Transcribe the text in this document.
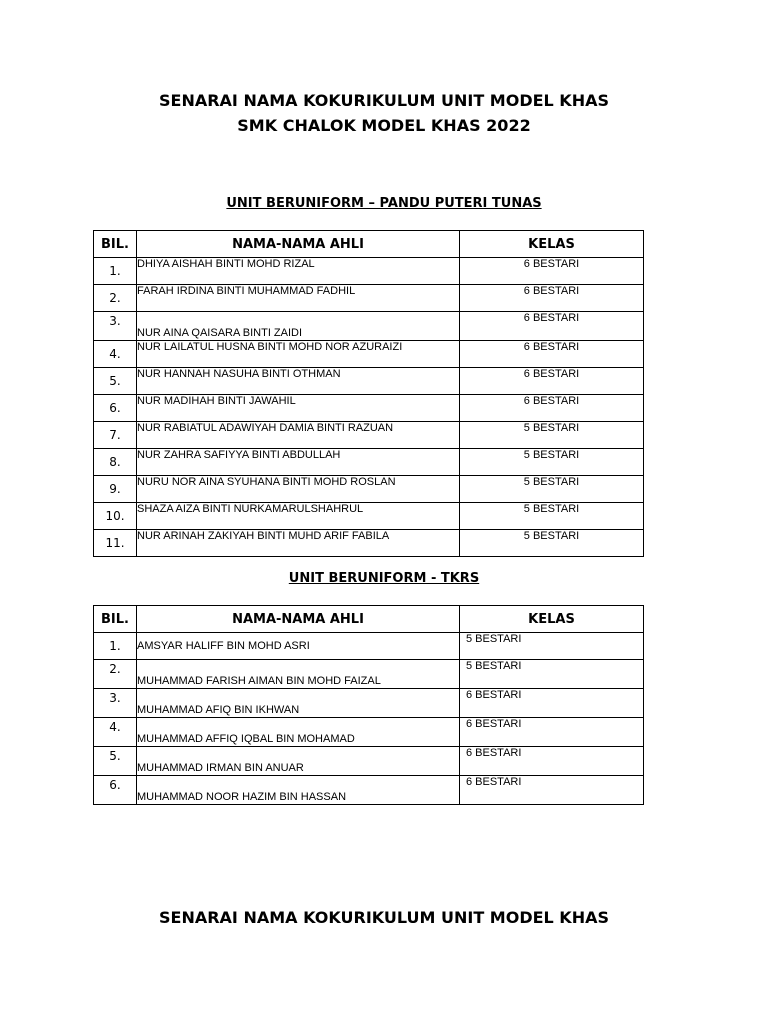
SENARAI NAMA KOKURIKULUM UNIT MODEL KHAS
SMK CHALOK MODEL KHAS 2022
UNIT BERUNIFORM – PANDU PUTERI TUNAS
BIL.	NAMA-NAMA AHLI	KELAS
1.	DHIYA AISHAH BINTI MOHD RIZAL	6 BESTARI
2.	FARAH IRDINA BINTI MUHAMMAD FADHIL	6 BESTARI
3.	NUR AINA QAISARA BINTI ZAIDI	6 BESTARI
4.	NUR LAILATUL HUSNA BINTI MOHD NOR AZURAIZI	6 BESTARI
5.	NUR HANNAH NASUHA BINTI OTHMAN	6 BESTARI
6.	NUR MADIHAH BINTI JAWAHIL	6 BESTARI
7.	NUR RABIATUL ADAWIYAH DAMIA BINTI RAZUAN	5 BESTARI
8.	NUR ZAHRA SAFIYYA BINTI ABDULLAH	5 BESTARI
9.	NURU NOR AINA SYUHANA BINTI MOHD ROSLAN	5 BESTARI
10.	SHAZA AIZA BINTI NURKAMARULSHAHRUL	5 BESTARI
11.	NUR ARINAH ZAKIYAH BINTI MUHD ARIF FABILA	5 BESTARI
UNIT BERUNIFORM - TKRS
BIL.	NAMA-NAMA AHLI	KELAS
1.	AMSYAR HALIFF BIN MOHD ASRI	5 BESTARI
2.	MUHAMMAD FARISH AIMAN BIN MOHD FAIZAL	5 BESTARI
3.	MUHAMMAD AFIQ BIN IKHWAN	6 BESTARI
4.	MUHAMMAD AFFIQ IQBAL BIN MOHAMAD	6 BESTARI
5.	MUHAMMAD IRMAN BIN ANUAR	6 BESTARI
6.	MUHAMMAD NOOR HAZIM BIN HASSAN	6 BESTARI
SENARAI NAMA KOKURIKULUM UNIT MODEL KHAS
